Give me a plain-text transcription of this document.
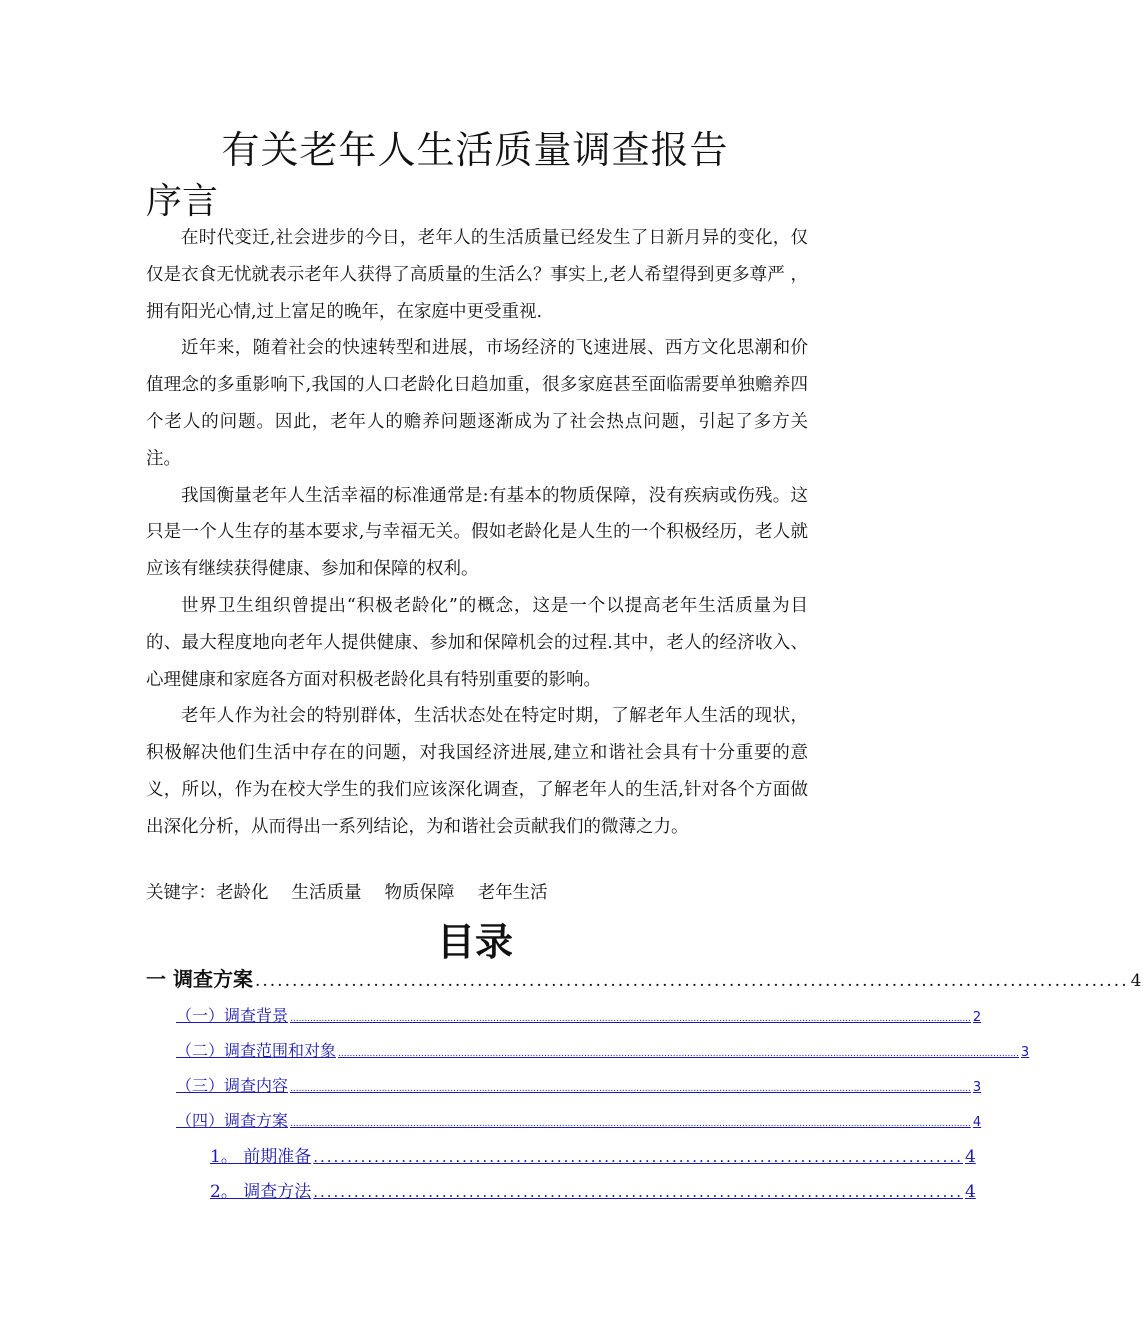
有关老年人生活质量调查报告
序言

在时代变迁,社会进步的今日，老年人的生活质量已经发生了日新月异的变化，仅仅是衣食无忧就表示老年人获得了高质量的生活么？事实上,老人希望得到更多尊严 ，拥有阳光心情,过上富足的晚年，在家庭中更受重视.

近年来，随着社会的快速转型和进展，市场经济的飞速进展、西方文化思潮和价值理念的多重影响下,我国的人口老龄化日趋加重，很多家庭甚至面临需要单独赡养四个老人的问题。因此，老年人的赡养问题逐渐成为了社会热点问题，引起了多方关注。

我国衡量老年人生活幸福的标准通常是:有基本的物质保障，没有疾病或伤残。这只是一个人生存的基本要求,与幸福无关。假如老龄化是人生的一个积极经历，老人就应该有继续获得健康、参加和保障的权利。

世界卫生组织曾提出“积极老龄化”的概念，这是一个以提高老年生活质量为目的、最大程度地向老年人提供健康、参加和保障机会的过程.其中，老人的经济收入、心理健康和家庭各方面对积极老龄化具有特别重要的影响。

老年人作为社会的特别群体，生活状态处在特定时期，了解老年人生活的现状，积极解决他们生活中存在的问题，对我国经济进展,建立和谐社会具有十分重要的意义，所以，作为在校大学生的我们应该深化调查，了解老年人的生活,针对各个方面做出深化分析，从而得出一系列结论，为和谐社会贡献我们的微薄之力。

关键字：老龄化　 生活质量　 物质保障　 老年生活
目录
一 调查方案 ...................................................................................................................... 4
（一）调查背景 .............................................................................................................................................................................................................................................. 2
（二）调查范围和对象 .............................................................................................................................................................................................................................................. 3
（三）调查内容 .............................................................................................................................................................................................................................................. 3
（四）调查方案 .............................................................................................................................................................................................................................................. 4
1。 前期准备 ................................................................................................ 4
2。 调查方法 ................................................................................................ 4
